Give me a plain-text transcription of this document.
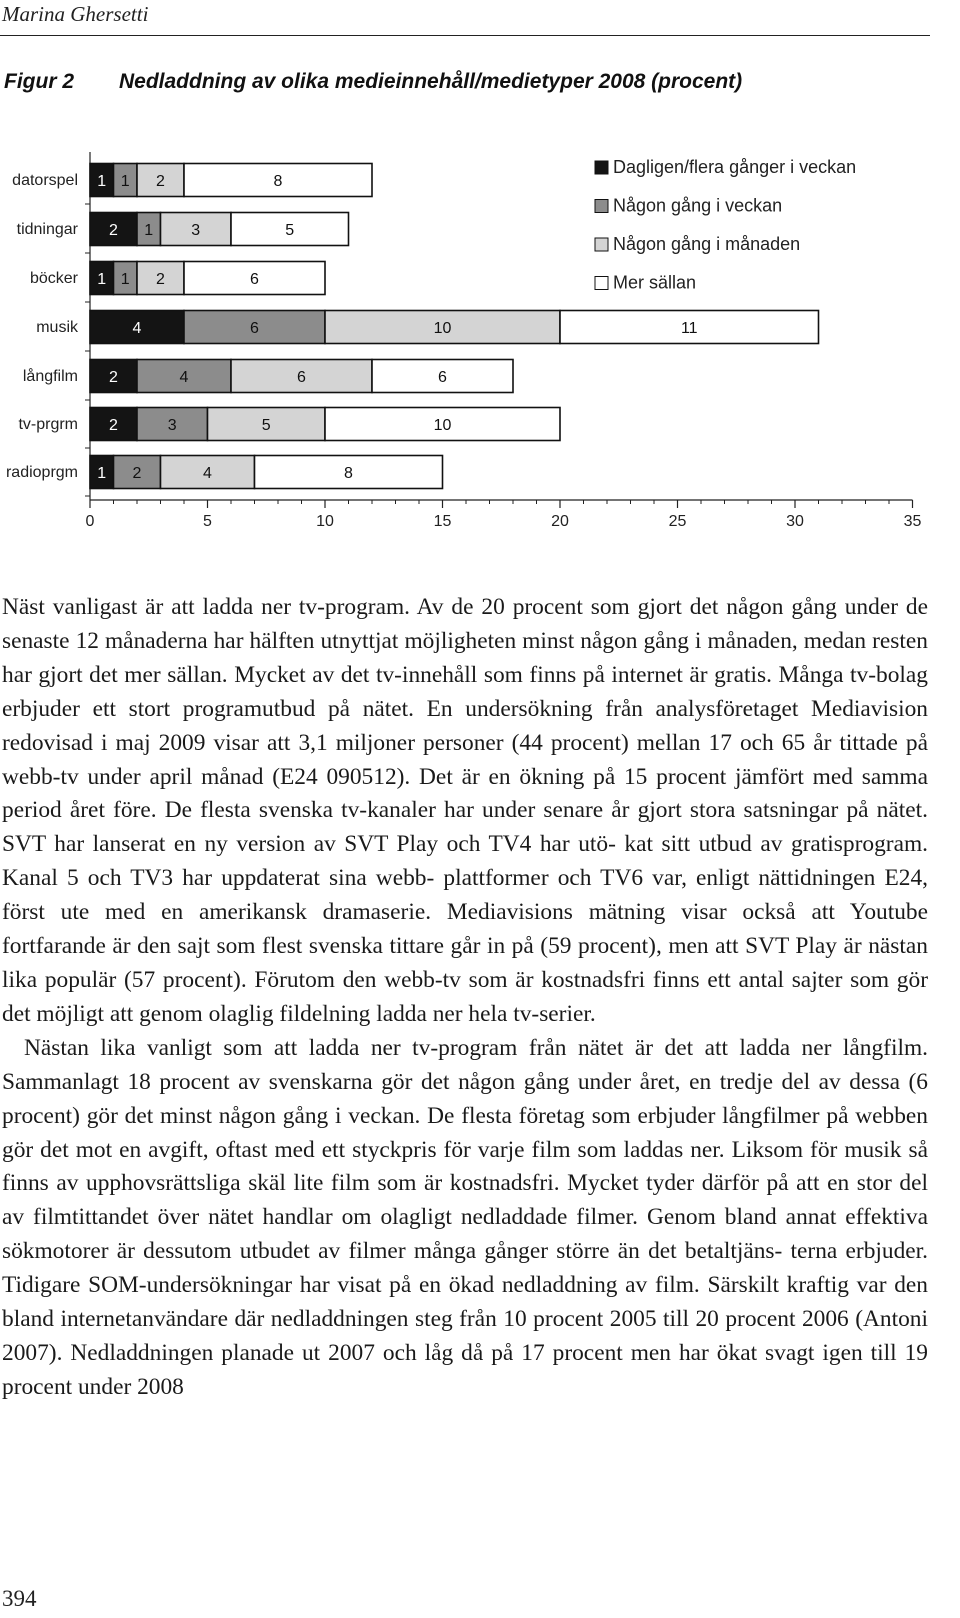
Marina Ghersetti
Figur 2 Nedladdning av olika medieinnehåll/medietyper 2008 (procent)
datorspel 1 1 2	8
tidningar 2 1 3	5
böcker 1 1 2	6
musik	4	6	10	11
långfilm 2	4	6	6
tv-prgrm 2	3	5	10
radioprgm 1 2	4	8
0	5	10	15	20	25	30	35
Dagligen/flera gånger i veckan
Någon gång i veckan
Någon gång i månaden
Mer sällan

Näst vanligast är att ladda ner tv-program. Av de 20 procent som gjort det någon gång under de senaste 12 månaderna har hälften utnyttjat möjligheten minst någon gång i månaden, medan resten har gjort det mer sällan. Mycket av det tv-innehåll som finns på internet är gratis. Många tv-bolag erbjuder ett stort programutbud på nätet. En undersökning från analysföretaget Mediavision redovisad i maj 2009 visar att 3,1 miljoner personer (44 procent) mellan 17 och 65 år tittade på webb-tv under april månad (E24 090512). Det är en ökning på 15 procent jämfört med samma period året före. De flesta svenska tv-kanaler har under senare år gjort stora satsningar på nätet. SVT har lanserat en ny version av SVT Play och TV4 har utö- kat sitt utbud av gratisprogram. Kanal 5 och TV3 har uppdaterat sina webb- plattformer och TV6 var, enligt nättidningen E24, först ute med en amerikansk dramaserie. Mediavisions mätning visar också att Youtube fortfarande är den sajt som flest svenska tittare går in på (59 procent), men att SVT Play är nästan lika populär (57 procent). Förutom den webb-tv som är kostnadsfri finns ett antal sajter som gör det möjligt att genom olaglig fildelning ladda ner hela tv-serier.

Nästan lika vanligt som att ladda ner tv-program från nätet är det att ladda ner långfilm. Sammanlagt 18 procent av svenskarna gör det någon gång under året, en tredje del av dessa (6 procent) gör det minst någon gång i veckan. De flesta företag som erbjuder långfilmer på webben gör det mot en avgift, oftast med ett styckpris för varje film som laddas ner. Liksom för musik så finns av upphovsrättsliga skäl lite film som är kostnadsfri. Mycket tyder därför på att en stor del av filmtittandet över nätet handlar om olagligt nedladdade filmer. Genom bland annat effektiva sökmotorer är dessutom utbudet av filmer många gånger större än det betaltjäns- terna erbjuder. Tidigare SOM-undersökningar har visat på en ökad nedladdning av film. Särskilt kraftig var den bland internetanvändare där nedladdningen steg från 10 procent 2005 till 20 procent 2006 (Antoni 2007). Nedladdningen planade ut 2007 och låg då på 17 procent men har ökat svagt igen till 19 procent under 2008

394
